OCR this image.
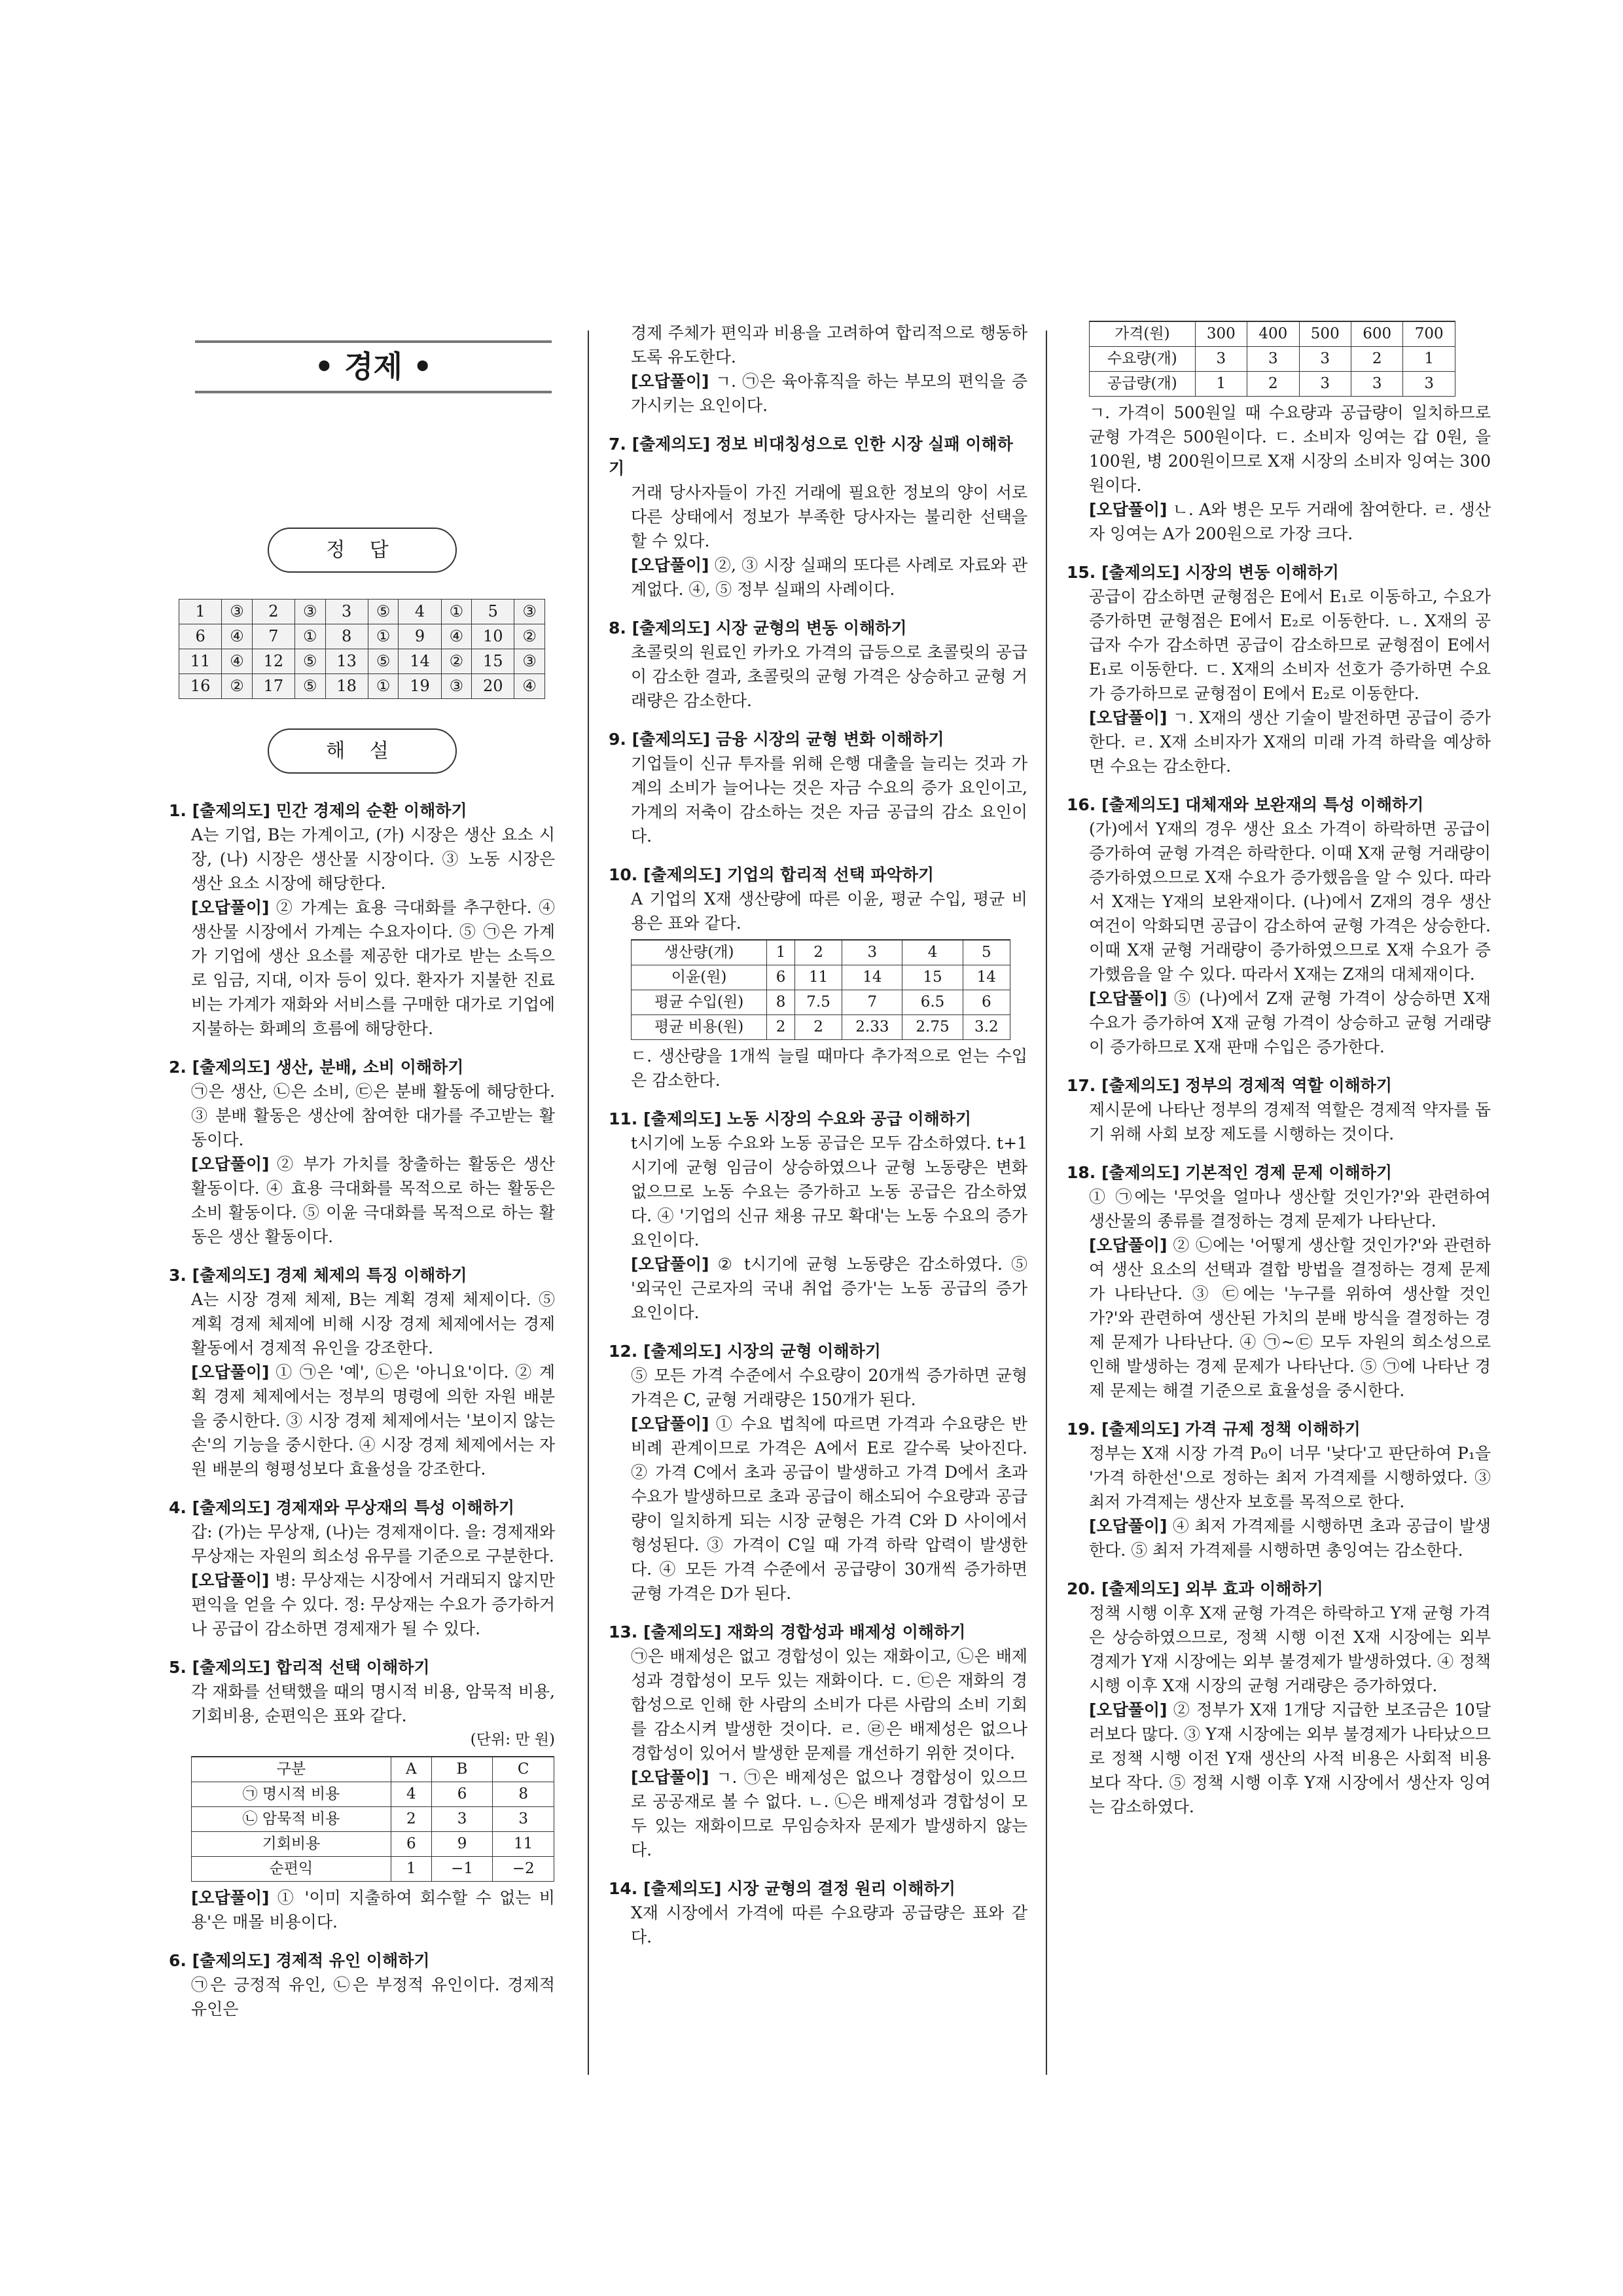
• 경제 •
정 답
1	③	2	③	3	⑤	4	①	5	③
6	④	7	①	8	①	9	④	10	②
11	④	12	⑤	13	⑤	14	②	15	③
16	②	17	⑤	18	①	19	③	20	④
해 설
1. [출제의도] 민간 경제의 순환 이해하기
A는 기업, B는 가계이고, (가) 시장은 생산 요소 시장, (나) 시장은 생산물 시장이다. ③ 노동 시장은 생산 요소 시장에 해당한다.
[오답풀이] ② 가계는 효용 극대화를 추구한다. ④ 생산물 시장에서 가계는 수요자이다. ⑤ ㉠은 가계가 기업에 생산 요소를 제공한 대가로 받는 소득으로 임금, 지대, 이자 등이 있다. 환자가 지불한 진료비는 가계가 재화와 서비스를 구매한 대가로 기업에 지불하는 화폐의 흐름에 해당한다.
2. [출제의도] 생산, 분배, 소비 이해하기
㉠은 생산, ㉡은 소비, ㉢은 분배 활동에 해당한다. ③ 분배 활동은 생산에 참여한 대가를 주고받는 활동이다.
[오답풀이] ② 부가 가치를 창출하는 활동은 생산 활동이다. ④ 효용 극대화를 목적으로 하는 활동은 소비 활동이다. ⑤ 이윤 극대화를 목적으로 하는 활동은 생산 활동이다.
3. [출제의도] 경제 체제의 특징 이해하기
A는 시장 경제 체제, B는 계획 경제 체제이다. ⑤ 계획 경제 체제에 비해 시장 경제 체제에서는 경제 활동에서 경제적 유인을 강조한다.
[오답풀이] ① ㉠은 '예', ㉡은 '아니요'이다. ② 계획 경제 체제에서는 정부의 명령에 의한 자원 배분을 중시한다. ③ 시장 경제 체제에서는 '보이지 않는 손'의 기능을 중시한다. ④ 시장 경제 체제에서는 자원 배분의 형평성보다 효율성을 강조한다.
4. [출제의도] 경제재와 무상재의 특성 이해하기
갑: (가)는 무상재, (나)는 경제재이다. 을: 경제재와 무상재는 자원의 희소성 유무를 기준으로 구분한다.
[오답풀이] 병: 무상재는 시장에서 거래되지 않지만 편익을 얻을 수 있다. 정: 무상재는 수요가 증가하거나 공급이 감소하면 경제재가 될 수 있다.
5. [출제의도] 합리적 선택 이해하기
각 재화를 선택했을 때의 명시적 비용, 암묵적 비용, 기회비용, 순편익은 표와 같다.
(단위: 만 원)
구분	A	B	C
㉠ 명시적 비용	4	6	8
㉡ 암묵적 비용	2	3	3
기회비용	6	9	11
순편익	1	−1	−2
[오답풀이] ① '이미 지출하여 회수할 수 없는 비용'은 매몰 비용이다.
6. [출제의도] 경제적 유인 이해하기
㉠은 긍정적 유인, ㉡은 부정적 유인이다. 경제적 유인은
경제 주체가 편익과 비용을 고려하여 합리적으로 행동하도록 유도한다.
[오답풀이] ㄱ. ㉠은 육아휴직을 하는 부모의 편익을 증가시키는 요인이다.
7. [출제의도] 정보 비대칭성으로 인한 시장 실패 이해하기
거래 당사자들이 가진 거래에 필요한 정보의 양이 서로 다른 상태에서 정보가 부족한 당사자는 불리한 선택을 할 수 있다.
[오답풀이] ②, ③ 시장 실패의 또다른 사례로 자료와 관계없다. ④, ⑤ 정부 실패의 사례이다.
8. [출제의도] 시장 균형의 변동 이해하기
초콜릿의 원료인 카카오 가격의 급등으로 초콜릿의 공급이 감소한 결과, 초콜릿의 균형 가격은 상승하고 균형 거래량은 감소한다.
9. [출제의도] 금융 시장의 균형 변화 이해하기
기업들이 신규 투자를 위해 은행 대출을 늘리는 것과 가계의 소비가 늘어나는 것은 자금 수요의 증가 요인이고, 가계의 저축이 감소하는 것은 자금 공급의 감소 요인이다.
10. [출제의도] 기업의 합리적 선택 파악하기
A 기업의 X재 생산량에 따른 이윤, 평균 수입, 평균 비용은 표와 같다.
생산량(개)	1	2	3	4	5
이윤(원)	6	11	14	15	14
평균 수입(원)	8	7.5	7	6.5	6
평균 비용(원)	2	2	2.33	2.75	3.2
ㄷ. 생산량을 1개씩 늘릴 때마다 추가적으로 얻는 수입은 감소한다.
11. [출제의도] 노동 시장의 수요와 공급 이해하기
t시기에 노동 수요와 노동 공급은 모두 감소하였다. t+1시기에 균형 임금이 상승하였으나 균형 노동량은 변화 없으므로 노동 수요는 증가하고 노동 공급은 감소하였다. ④ '기업의 신규 채용 규모 확대'는 노동 수요의 증가 요인이다.
[오답풀이] ② t시기에 균형 노동량은 감소하였다. ⑤ '외국인 근로자의 국내 취업 증가'는 노동 공급의 증가 요인이다.
12. [출제의도] 시장의 균형 이해하기
⑤ 모든 가격 수준에서 수요량이 20개씩 증가하면 균형 가격은 C, 균형 거래량은 150개가 된다.
[오답풀이] ① 수요 법칙에 따르면 가격과 수요량은 반비례 관계이므로 가격은 A에서 E로 갈수록 낮아진다. ② 가격 C에서 초과 공급이 발생하고 가격 D에서 초과 수요가 발생하므로 초과 공급이 해소되어 수요량과 공급량이 일치하게 되는 시장 균형은 가격 C와 D 사이에서 형성된다. ③ 가격이 C일 때 가격 하락 압력이 발생한다. ④ 모든 가격 수준에서 공급량이 30개씩 증가하면 균형 가격은 D가 된다.
13. [출제의도] 재화의 경합성과 배제성 이해하기
㉠은 배제성은 없고 경합성이 있는 재화이고, ㉡은 배제성과 경합성이 모두 있는 재화이다. ㄷ. ㉢은 재화의 경합성으로 인해 한 사람의 소비가 다른 사람의 소비 기회를 감소시켜 발생한 것이다. ㄹ. ㉣은 배제성은 없으나 경합성이 있어서 발생한 문제를 개선하기 위한 것이다.
[오답풀이] ㄱ. ㉠은 배제성은 없으나 경합성이 있으므로 공공재로 볼 수 없다. ㄴ. ㉡은 배제성과 경합성이 모두 있는 재화이므로 무임승차자 문제가 발생하지 않는다.
14. [출제의도] 시장 균형의 결정 원리 이해하기
X재 시장에서 가격에 따른 수요량과 공급량은 표와 같다.
가격(원)	300	400	500	600	700
수요량(개)	3	3	3	2	1
공급량(개)	1	2	3	3	3
ㄱ. 가격이 500원일 때 수요량과 공급량이 일치하므로 균형 가격은 500원이다. ㄷ. 소비자 잉여는 갑 0원, 을 100원, 병 200원이므로 X재 시장의 소비자 잉여는 300원이다.
[오답풀이] ㄴ. A와 병은 모두 거래에 참여한다. ㄹ. 생산자 잉여는 A가 200원으로 가장 크다.
15. [출제의도] 시장의 변동 이해하기
공급이 감소하면 균형점은 E에서 E₁로 이동하고, 수요가 증가하면 균형점은 E에서 E₂로 이동한다. ㄴ. X재의 공급자 수가 감소하면 공급이 감소하므로 균형점이 E에서 E₁로 이동한다. ㄷ. X재의 소비자 선호가 증가하면 수요가 증가하므로 균형점이 E에서 E₂로 이동한다.
[오답풀이] ㄱ. X재의 생산 기술이 발전하면 공급이 증가한다. ㄹ. X재 소비자가 X재의 미래 가격 하락을 예상하면 수요는 감소한다.
16. [출제의도] 대체재와 보완재의 특성 이해하기
(가)에서 Y재의 경우 생산 요소 가격이 하락하면 공급이 증가하여 균형 가격은 하락한다. 이때 X재 균형 거래량이 증가하였으므로 X재 수요가 증가했음을 알 수 있다. 따라서 X재는 Y재의 보완재이다. (나)에서 Z재의 경우 생산 여건이 악화되면 공급이 감소하여 균형 가격은 상승한다. 이때 X재 균형 거래량이 증가하였으므로 X재 수요가 증가했음을 알 수 있다. 따라서 X재는 Z재의 대체재이다.
[오답풀이] ⑤ (나)에서 Z재 균형 가격이 상승하면 X재 수요가 증가하여 X재 균형 가격이 상승하고 균형 거래량이 증가하므로 X재 판매 수입은 증가한다.
17. [출제의도] 정부의 경제적 역할 이해하기
제시문에 나타난 정부의 경제적 역할은 경제적 약자를 돕기 위해 사회 보장 제도를 시행하는 것이다.
18. [출제의도] 기본적인 경제 문제 이해하기
① ㉠에는 '무엇을 얼마나 생산할 것인가?'와 관련하여 생산물의 종류를 결정하는 경제 문제가 나타난다.
[오답풀이] ② ㉡에는 '어떻게 생산할 것인가?'와 관련하여 생산 요소의 선택과 결합 방법을 결정하는 경제 문제가 나타난다. ③ ㉢에는 '누구를 위하여 생산할 것인가?'와 관련하여 생산된 가치의 분배 방식을 결정하는 경제 문제가 나타난다. ④ ㉠~㉢ 모두 자원의 희소성으로 인해 발생하는 경제 문제가 나타난다. ⑤ ㉠에 나타난 경제 문제는 해결 기준으로 효율성을 중시한다.
19. [출제의도] 가격 규제 정책 이해하기
정부는 X재 시장 가격 P₀이 너무 '낮다'고 판단하여 P₁을 '가격 하한선'으로 정하는 최저 가격제를 시행하였다. ③ 최저 가격제는 생산자 보호를 목적으로 한다.
[오답풀이] ④ 최저 가격제를 시행하면 초과 공급이 발생한다. ⑤ 최저 가격제를 시행하면 총잉여는 감소한다.
20. [출제의도] 외부 효과 이해하기
정책 시행 이후 X재 균형 가격은 하락하고 Y재 균형 가격은 상승하였으므로, 정책 시행 이전 X재 시장에는 외부 경제가 Y재 시장에는 외부 불경제가 발생하였다. ④ 정책 시행 이후 X재 시장의 균형 거래량은 증가하였다.
[오답풀이] ② 정부가 X재 1개당 지급한 보조금은 10달러보다 많다. ③ Y재 시장에는 외부 불경제가 나타났으므로 정책 시행 이전 Y재 생산의 사적 비용은 사회적 비용보다 작다. ⑤ 정책 시행 이후 Y재 시장에서 생산자 잉여는 감소하였다.
